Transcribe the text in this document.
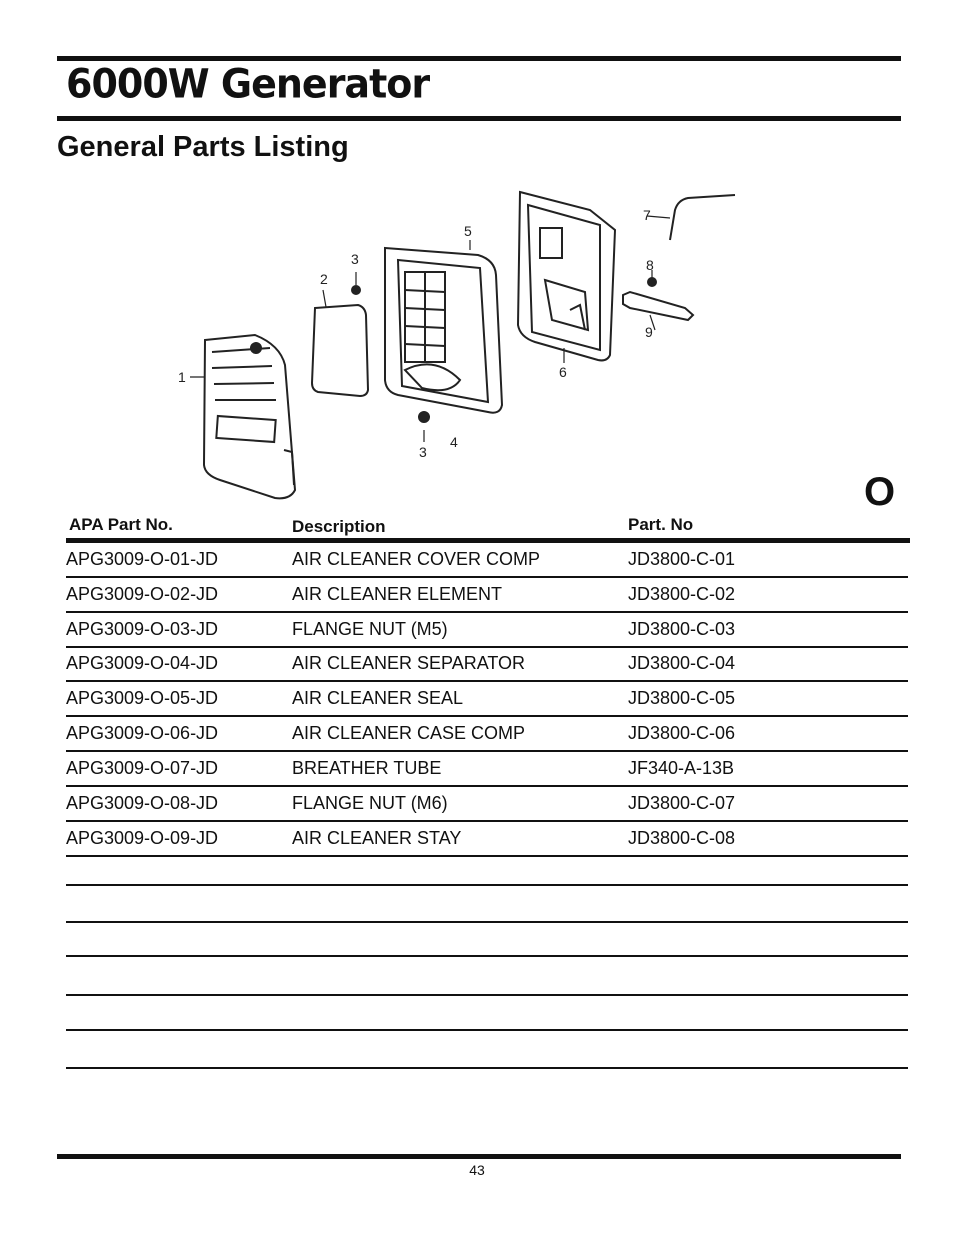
6000W Generator
General Parts Listing
1
2
3
3
4
5
6
7
8
9
O
APA Part No.	Description	Part. No
APG3009-O-01-JD	AIR CLEANER COVER COMP	JD3800-C-01
APG3009-O-02-JD	AIR CLEANER ELEMENT	JD3800-C-02
APG3009-O-03-JD	FLANGE NUT (M5)	JD3800-C-03
APG3009-O-04-JD	AIR CLEANER SEPARATOR	JD3800-C-04
APG3009-O-05-JD	AIR CLEANER SEAL	JD3800-C-05
APG3009-O-06-JD	AIR CLEANER CASE COMP	JD3800-C-06
APG3009-O-07-JD	BREATHER TUBE	JF340-A-13B
APG3009-O-08-JD	FLANGE NUT (M6)	JD3800-C-07
APG3009-O-09-JD	AIR CLEANER STAY	JD3800-C-08
43
